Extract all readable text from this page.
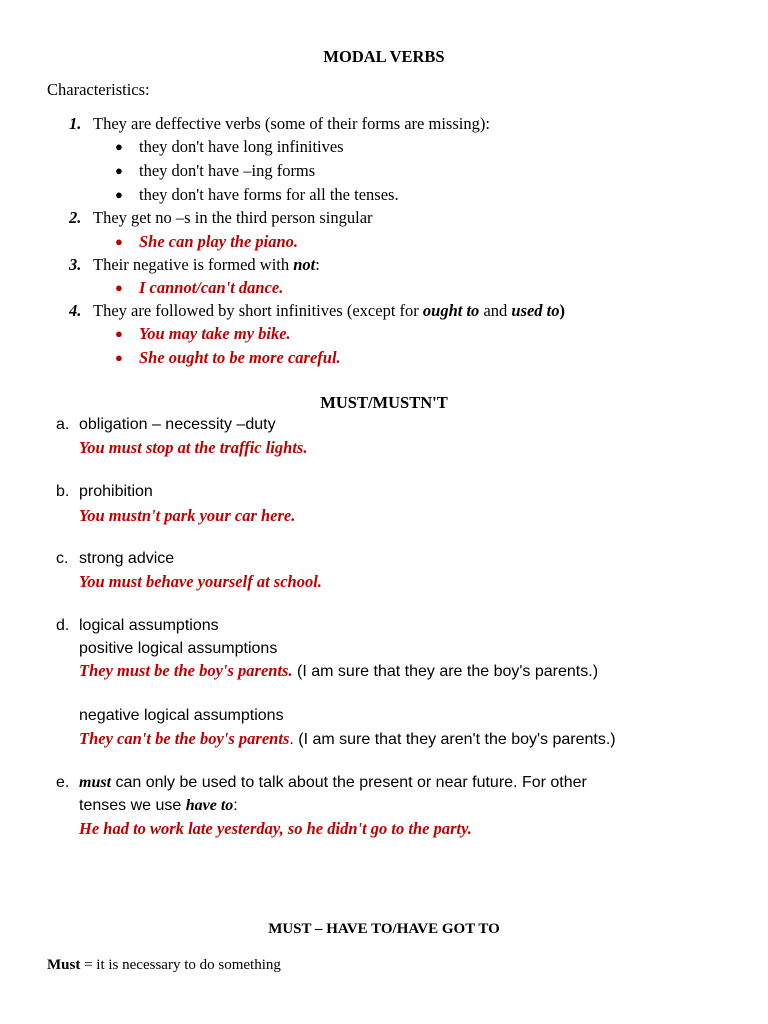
MODAL VERBS
Characteristics:
1. They are deffective verbs (some of their forms are missing):
● they don't have long infinitives
● they don't have –ing forms
● they don't have forms for all the tenses.
2. They get no –s in the third person singular
● She can play the piano.
3. Their negative is formed with not:
● I cannot/can't dance.
4. They are followed by short infinitives (except for ought to and used to)
● You may take my bike.
● She ought to be more careful.
MUST/MUSTN'T
a. obligation – necessity –duty
You must stop at the traffic lights.
b. prohibition
You mustn't park your car here.
c. strong advice
You must behave yourself at school.
d. logical assumptions
positive logical assumptions
They must be the boy's parents. (I am sure that they are the boy's parents.)
negative logical assumptions
They can't be the boy's parents. (I am sure that they aren't the boy's parents.)
e. must can only be used to talk about the present or near future. For other
tenses we use have to:
He had to work late yesterday, so he didn't go to the party.
MUST – HAVE TO/HAVE GOT TO
Must = it is necessary to do something
